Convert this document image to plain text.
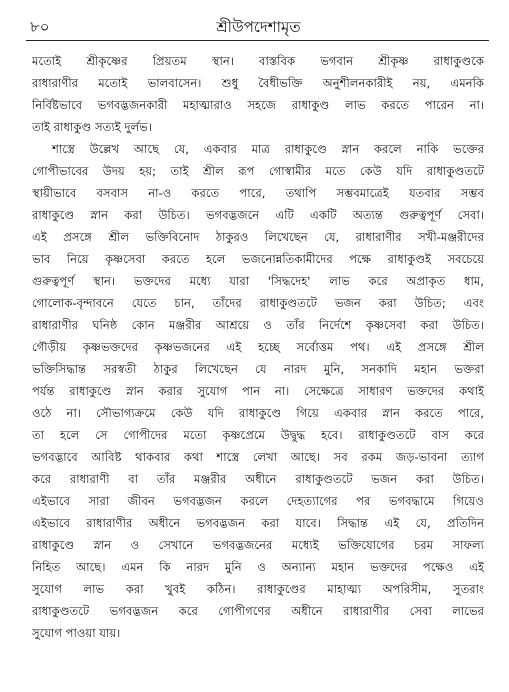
৮০	শ্রীউপদেশামৃত
মতোই শ্রীকৃষ্ণের প্রিয়তম স্থান। বাস্তবিক ভগবান শ্রীকৃষ্ণ রাধাকুণ্ডকে
রাধারাণীর মতোই ভালবাসেন। শুধু বৈধীভক্তি অনুশীলনকারীই নয়, এমনকি
নির্বিষ্টভাবে ভগবদ্ভজনকারী মহাত্মারাও সহজে রাধাকুণ্ড লাভ করতে পারেন না।
তাই রাধাকুণ্ড সত্যই দুর্লভ।
শাস্ত্রে উল্লেখ আছে যে, একবার মাত্র রাধাকুণ্ডে স্নান করলে নাকি ভক্তের
গোপীভাবের উদয় হয়; তাই শ্রীল রূপ গোস্বামীর মতে কেউ যদি রাধাকুণ্ডতটে
স্থায়ীভাবে বসবাস না-ও করতে পারে, তথাপি সম্ভবমাত্রেই যতবার সম্ভব
রাধাকুণ্ডে স্নান করা উচিত। ভগবদ্ভজনে এটি একটি অত্যন্ত গুরুত্বপূর্ণ সেবা।
এই প্রসঙ্গে শ্রীল ভক্তিবিনোদ ঠাকুরও লিখেছেন যে, রাধারাণীর সখী-মঞ্জরীদের
ভাব নিয়ে কৃষ্ণসেবা করতে হলে ভজনোন্নতিকামীদের পক্ষে রাধাকুণ্ডই সবচেয়ে
গুরুত্বপূর্ণ স্থান। ভক্তদের মধ্যে যারা 'সিদ্ধদেহ' লাভ করে অপ্রাকৃত ধাম,
গোলোক-বৃন্দাবনে যেতে চান, তাঁদের রাধাকুণ্ডতটে ভজন করা উচিত; এবং
রাধারাণীর ঘনিষ্ঠ কোন মঞ্জরীর আশ্রয়ে ও তাঁর নির্দেশে কৃষ্ণসেবা করা উচিত।
গৌড়ীয় কৃষ্ণভক্তদের কৃষ্ণভজনের এই হচ্ছে সর্বোত্তম পথ। এই প্রসঙ্গে শ্রীল
ভক্তিসিদ্ধান্ত সরস্বতী ঠাকুর লিখেছেন যে নারদ মুনি, সনকাদি মহান ভক্তরা
পর্যন্ত রাধাকুণ্ডে স্নান করার সুযোগ পান না। সেক্ষেত্রে সাধারণ ভক্তদের কথাই
ওঠে না। সৌভাগ্যক্রমে কেউ যদি রাধাকুণ্ডে গিয়ে একবার স্নান করতে পারে,
তা হলে সে গোপীদের মতো কৃষ্ণপ্রেমে উদ্বুদ্ধ হবে। রাধাকুণ্ডতটে বাস করে
ভগবদ্ভাবে আবিষ্ট থাকবার কথা শাস্ত্রে লেখা আছে। সব রকম জড়-ভাবনা ত্যাগ
করে রাধারাণী বা তাঁর মঞ্জরীর অধীনে রাধাকুণ্ডতটে ভজন করা উচিত।
এইভাবে সারা জীবন ভগবদ্ভজন করলে দেহত্যাগের পর ভগবদ্ধামে গিয়েও
এইভাবে রাধারাণীর অধীনে ভগবদ্ভজন করা যাবে। সিদ্ধান্ত এই যে, প্রতিদিন
রাধাকুণ্ডে স্নান ও সেখানে ভগবদ্ভজনের মধ্যেই ভক্তিযোগের চরম সাফল্য
নিহিত আছে। এমন কি নারদ মুনি ও অন্যান্য মহান ভক্তদের পক্ষেও এই
সুযোগ লাভ করা খুবই কঠিন। রাধাকুণ্ডের মাহাত্ম্য অপরিসীম, সুতরাং
রাধাকুণ্ডতটে ভগবদ্ভজন করে গোপীগণের অধীনে রাধারাণীর সেবা লাভের
সুযোগ পাওয়া যায়।
